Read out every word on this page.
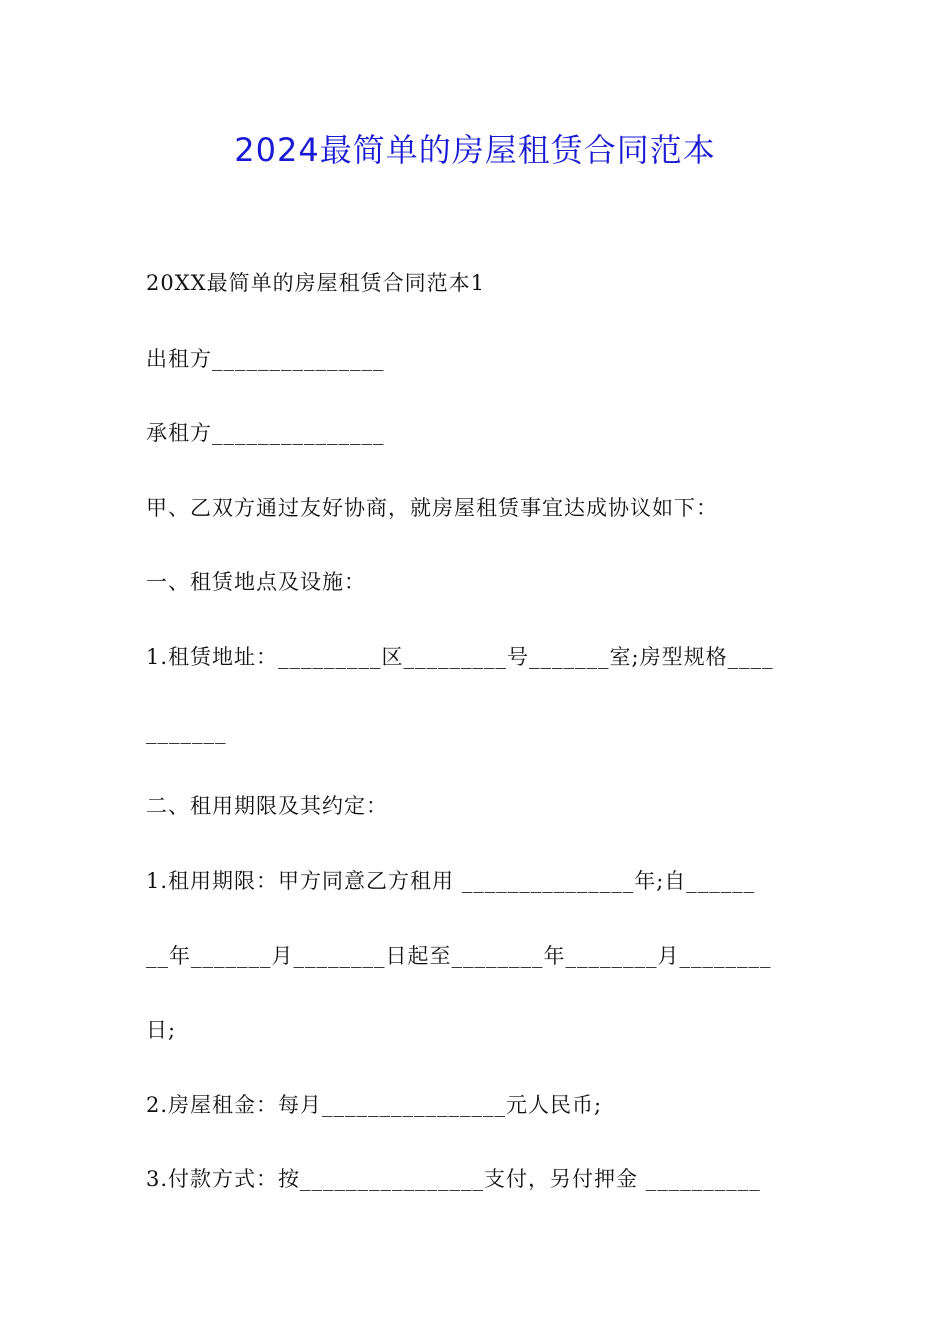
2024最简单的房屋租赁合同范本
20XX最简单的房屋租赁合同范本1
出租方_______________
承租方_______________
甲、乙双方通过友好协商，就房屋租赁事宜达成协议如下：
一、租赁地点及设施：
1.租赁地址：_________区_________号_______室;房型规格____
_______
二、租用期限及其约定：
1.租用期限：甲方同意乙方租用 _______________年;自______
__年_______月________日起至________年________月________
日;
2.房屋租金：每月________________元人民币;
3.付款方式：按________________支付，另付押金 __________
